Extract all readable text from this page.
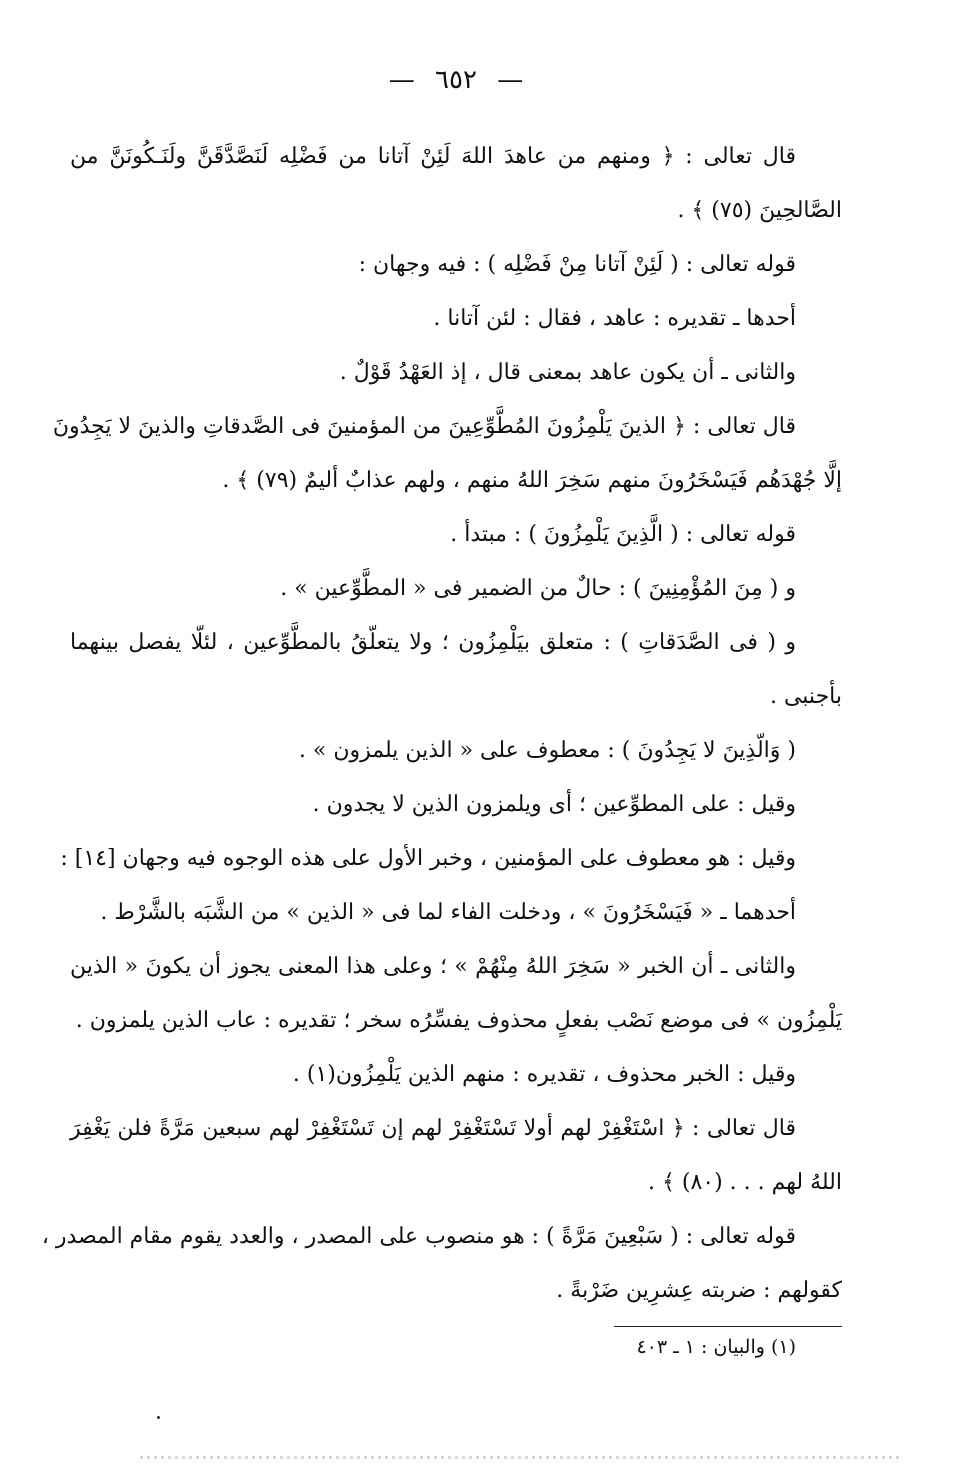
— ٦٥٢ —
قال تعالى : ﴿ ومنهم من عاهدَ اللهَ لَئِنْ آتانا من فَضْلِه لَنَصَّدَّقَنَّ ولَنَـكُونَنَّ من
الصَّالحِينَ (٧٥) ﴾ .
قوله تعالى : ( لَئِنْ آتانا مِنْ فَضْلِه ) : فيه وجهان :
أحدها ـ تقديره : عاهد ، فقال : لئن آتانا .
والثانى ـ أن يكون عاهد بمعنى قال ، إذ العَهْدُ قَوْلٌ .
قال تعالى : ﴿ الذينَ يَلْمِزُونَ المُطَّوِّعِينَ من المؤمنينَ فى الصَّدقاتِ والذينَ لا يَجِدُونَ
إلَّا جُهْدَهُم فَيَسْخَرُونَ منهم سَخِرَ اللهُ منهم ، ولهم عذابٌ أليمٌ (٧٩) ﴾ .
قوله تعالى : ( الَّذِينَ يَلْمِزُونَ ) : مبتدأ .
و ( مِنَ المُؤْمِنِينَ ) : حالٌ من الضمير فى « المطَّوِّعين » .
و ( فى الصَّدَقاتِ ) : متعلق بيَلْمِزُون ؛ ولا يتعلّقُ بالمطَّوِّعين ، لئلّا يفصل بينهما
بأجنبى .
( وَالّذِينَ لا يَجِدُونَ ) : معطوف على « الذين يلمزون » .
وقيل : على المطوِّعين ؛ أى ويلمزون الذين لا يجدون .
وقيل : هو معطوف على المؤمنين ، وخبر الأول على هذه الوجوه فيه وجهان [١٤] :
أحدهما ـ « فَيَسْخَرُونَ » ، ودخلت الفاء لما فى « الذين » من الشَّبَه بالشَّرْط .
والثانى ـ أن الخبر « سَخِرَ اللهُ مِنْهُمْ » ؛ وعلى هذا المعنى يجوز أن يكونَ « الذين
يَلْمِزُون » فى موضع نَصْب بفعلٍ محذوف يفسِّرُه سخر ؛ تقديره : عاب الذين يلمزون .
وقيل : الخبر محذوف ، تقديره : منهم الذين يَلْمِزُون(١) .
قال تعالى : ﴿ اسْتَغْفِرْ لهم أولا تَسْتَغْفِرْ لهم إن تَسْتَغْفِرْ لهم سبعين مَرَّةً فلن يَغْفِرَ
اللهُ لهم . . . (٨٠) ﴾ .
قوله تعالى : ( سَبْعِينَ مَرَّةً ) : هو منصوب على المصدر ، والعدد يقوم مقام المصدر ،
كقولهم : ضربته عِشرِين ضَرْبةً .
(١) والبيان : ١ ـ ٤٠٣
